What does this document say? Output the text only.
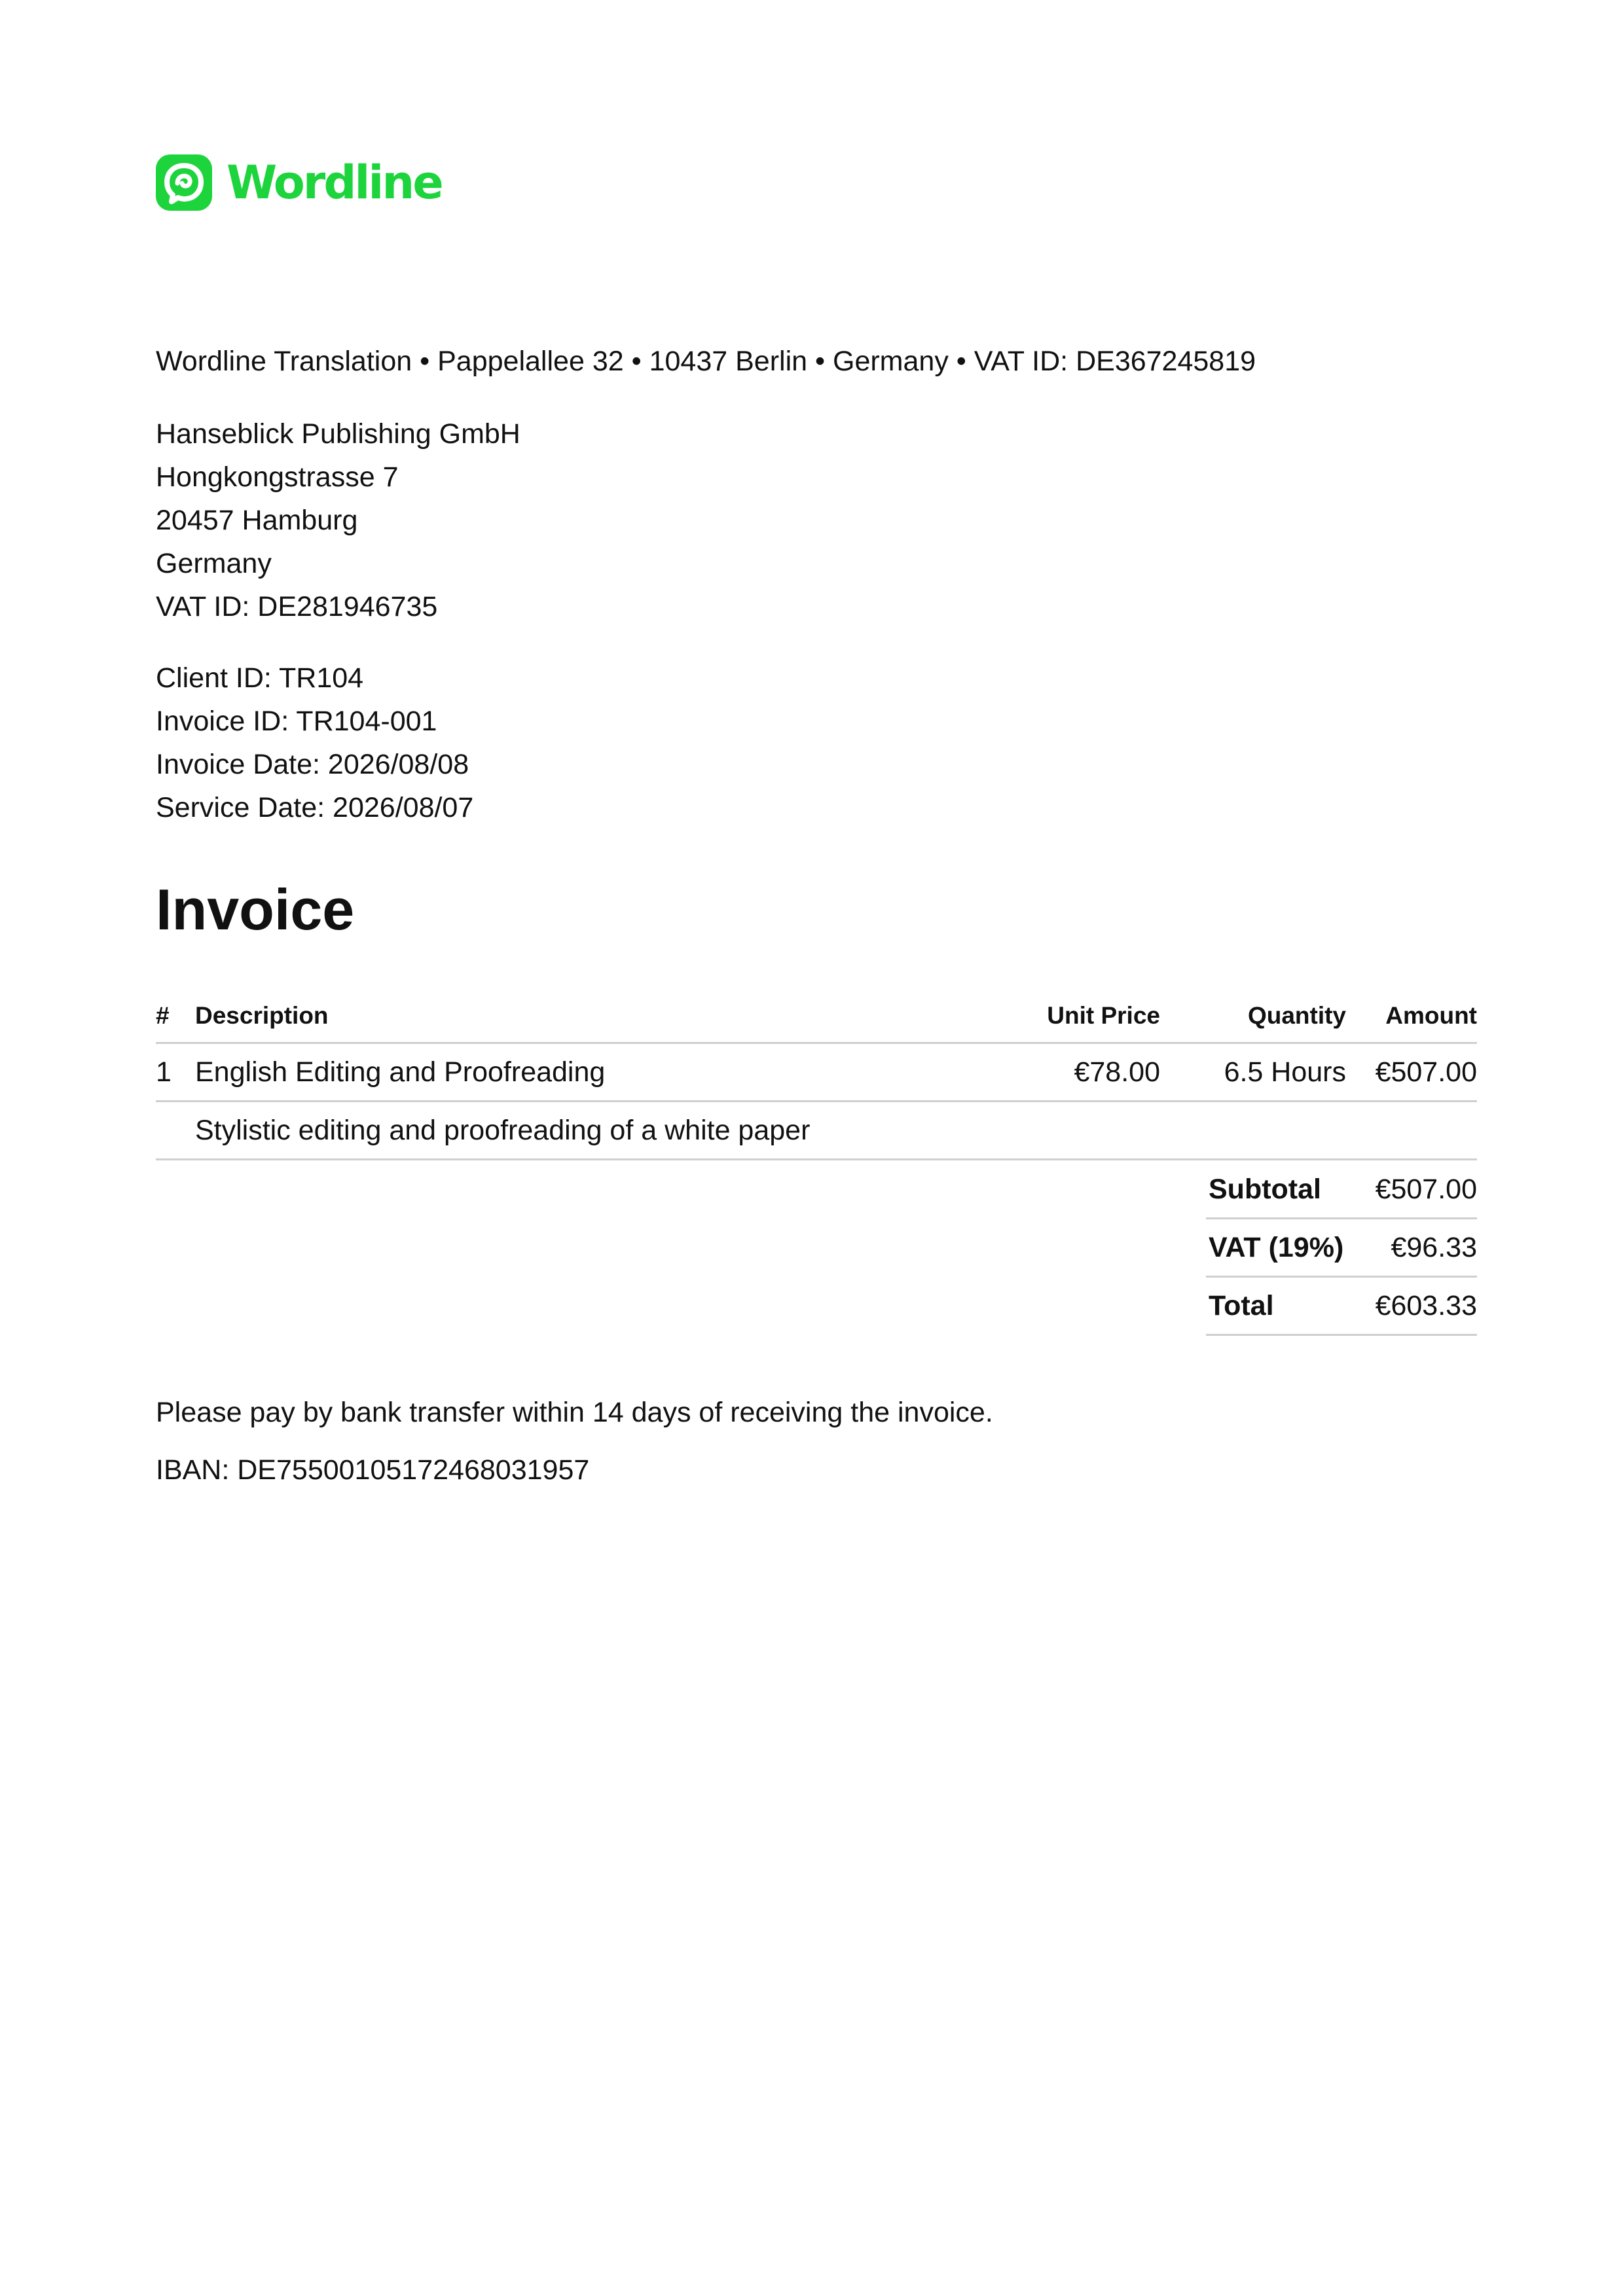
Wordline
Wordline Translation • Pappelallee 32 • 10437 Berlin • Germany • VAT ID: DE367245819
Hanseblick Publishing GmbH
Hongkongstrasse 7
20457 Hamburg
Germany
VAT ID: DE281946735
Client ID: TR104
Invoice ID: TR104-001
Invoice Date: 2026/08/08
Service Date: 2026/08/07
Invoice
#	Description	Unit Price	Quantity	Amount
1	English Editing and Proofreading	€78.00	6.5 Hours	€507.00
	Stylistic editing and proofreading of a white paper			
Subtotal	€507.00
VAT (19%)	€96.33
Total	€603.33
Please pay by bank transfer within 14 days of receiving the invoice.
IBAN: DE75500105172468031957
